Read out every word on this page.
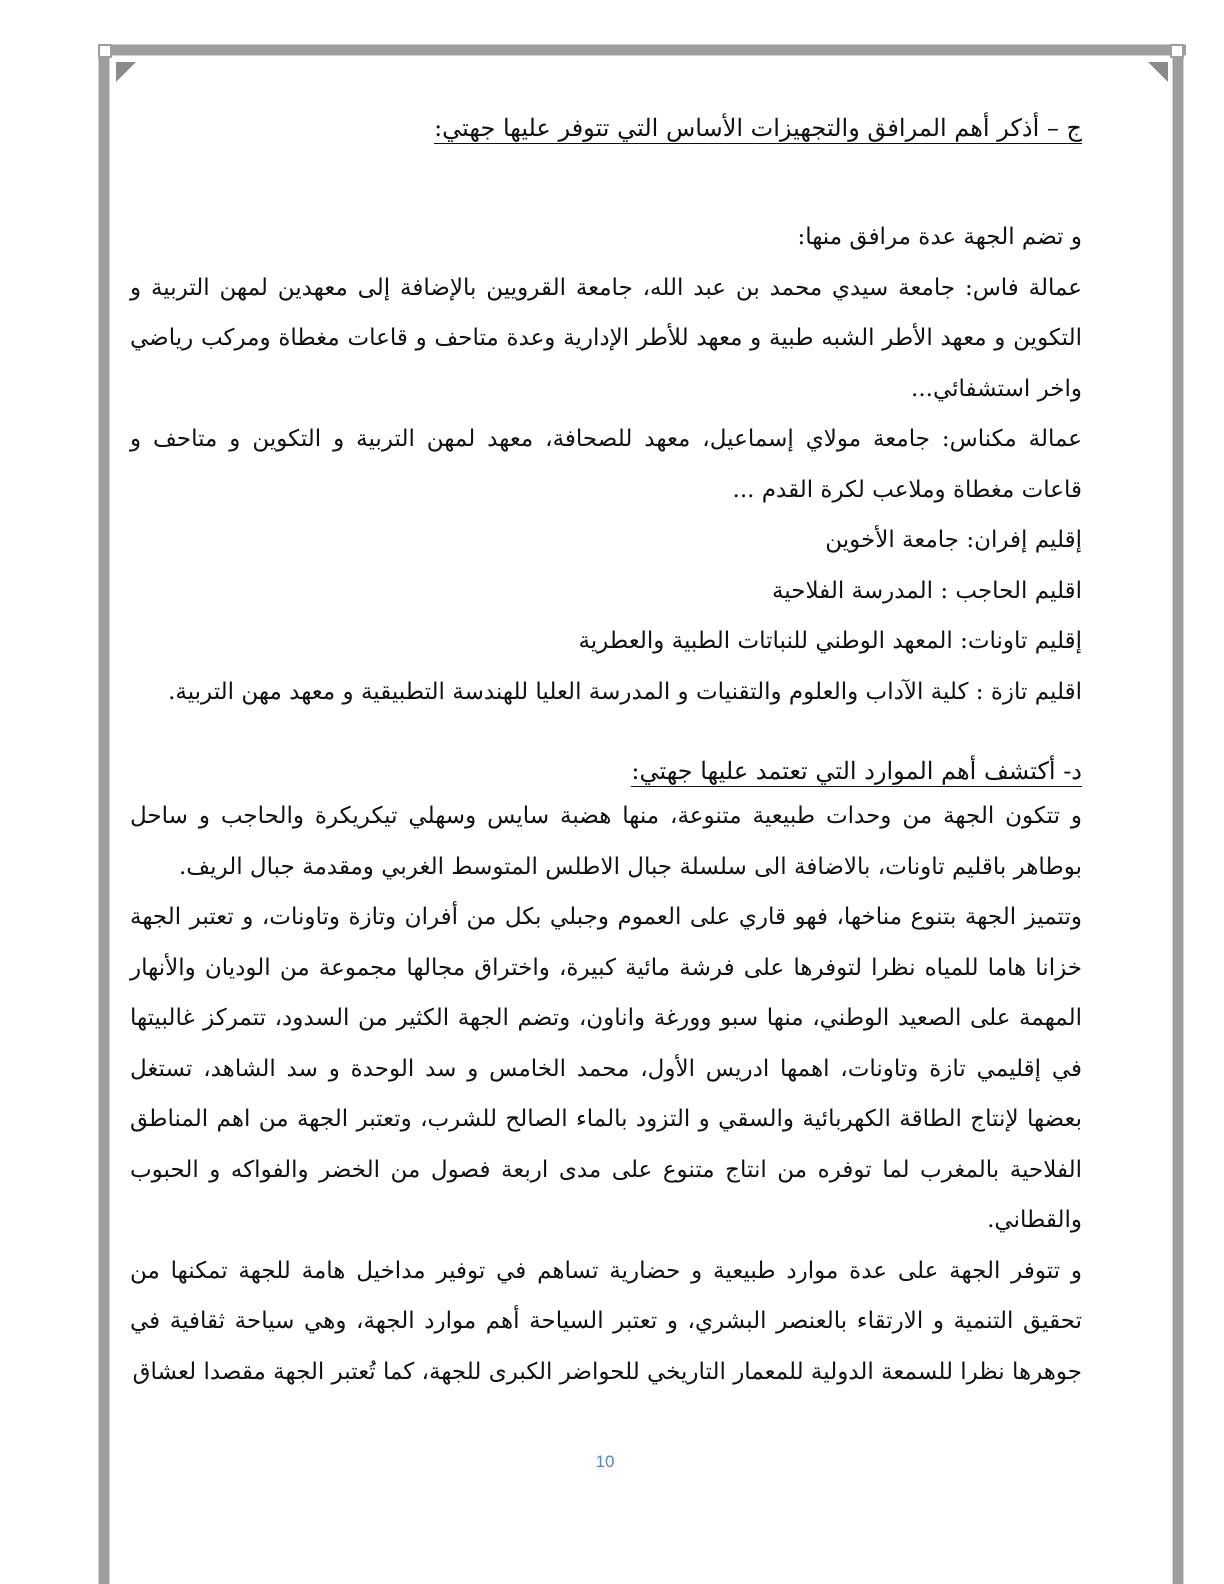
ج – أذكر أهم المرافق والتجهيزات الأساس التي تتوفر عليها جهتي:

و تضم الجهة عدة مرافق منها:

عمالة فاس: جامعة سيدي محمد بن عبد الله، جامعة القرويين بالإضافة إلى معهدين لمهن التربية و التكوين و معهد الأطر الشبه طبية و معهد للأطر الإدارية وعدة متاحف و قاعات مغطاة ومركب رياضي واخر استشفائي...

عمالة مكناس: جامعة مولاي إسماعيل، معهد للصحافة، معهد لمهن التربية و التكوين و متاحف و قاعات مغطاة وملاعب لكرة القدم ...

إقليم إفران: جامعة الأخوين

اقليم الحاجب : المدرسة الفلاحية

إقليم تاونات: المعهد الوطني للنباتات الطبية والعطرية

اقليم تازة : كلية الآداب والعلوم والتقنيات و المدرسة العليا للهندسة التطبيقية و معهد مهن التربية.

د- أكتشف أهم الموارد التي تعتمد عليها جهتي:

و تتكون الجهة من وحدات طبيعية متنوعة، منها هضبة سايس وسهلي تيكريكرة والحاجب و ساحل بوطاهر باقليم تاونات، بالاضافة الى سلسلة جبال الاطلس المتوسط الغربي ومقدمة جبال الريف.

وتتميز الجهة بتنوع مناخها، فهو قاري على العموم وجبلي بكل من أفران وتازة وتاونات، و تعتبر الجهة خزانا هاما للمياه نظرا لتوفرها على فرشة مائية كبيرة، واختراق مجالها مجموعة من الوديان والأنهار المهمة على الصعيد الوطني، منها سبو وورغة واناون، وتضم الجهة الكثير من السدود، تتمركز غالبيتها في إقليمي تازة وتاونات، اهمها ادريس الأول، محمد الخامس و سد الوحدة و سد الشاهد، تستغل بعضها لإنتاج الطاقة الكهربائية والسقي و التزود بالماء الصالح للشرب، وتعتبر الجهة من اهم المناطق الفلاحية بالمغرب لما توفره من انتاج متنوع على مدى اربعة فصول من الخضر والفواكه و الحبوب والقطاني.

و تتوفر الجهة على عدة موارد طبيعية و حضارية تساهم في توفير مداخيل هامة للجهة تمكنها من تحقيق التنمية و الارتقاء بالعنصر البشري، و تعتبر السياحة أهم موارد الجهة، وهي سياحة ثقافية في جوهرها نظرا للسمعة الدولية للمعمار التاريخي للحواضر الكبرى للجهة، كما تُعتبر الجهة مقصدا لعشاق

10
